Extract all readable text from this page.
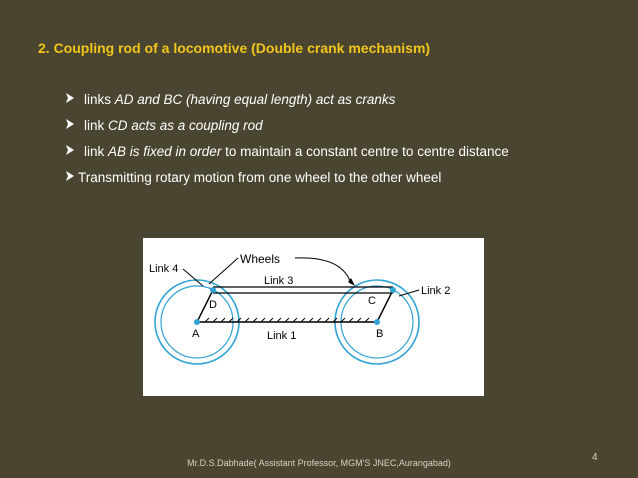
2. Coupling rod of a locomotive (Double crank mechanism)
links AD and BC (having equal length) act as cranks
link CD acts as a coupling rod
link AB is fixed in order to maintain a constant centre to centre distance
Transmitting rotary motion from one wheel to the other wheel
Wheels
Link 4
Link 3
Link 2
Link 1
A	B
D	C
4
Mr.D.S.Dabhade( Assistant Professor, MGM'S JNEC,Aurangabad)
